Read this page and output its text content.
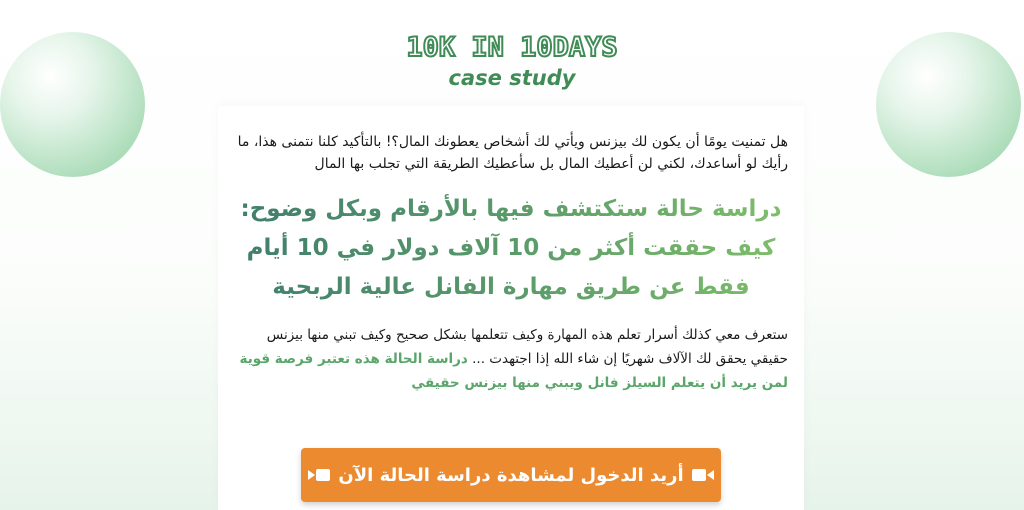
10K IN 10DAYS
case study
هل تمنيت يومًا أن يكون لك بيزنس ويأتي لك أشخاص يعطونك المال؟! بالتأكيد كلنا نتمنى هذا، ما رأيك لو أساعدك، لكني لن أعطيك المال بل سأعطيك الطريقة التي تجلب بها المال
دراسة حالة ستكتشف فيها بالأرقام وبكل وضوح: كيف حققت أكثر من 10 آلاف دولار في 10 أيام فقط عن طريق مهارة الفانل عالية الربحية
ستعرف معي كذلك أسرار تعلم هذه المهارة وكيف تتعلمها بشكل صحيح وكيف تبني منها بيزنس حقيقي يحقق لك الآلاف شهريًا إن شاء الله إذا اجتهدت ... دراسة الحالة هذه تعتبر فرصة قوية لمن يريد أن يتعلم السيلز فانل ويبني منها بيزنس حقيقي
أريد الدخول لمشاهدة دراسة الحالة الآن
